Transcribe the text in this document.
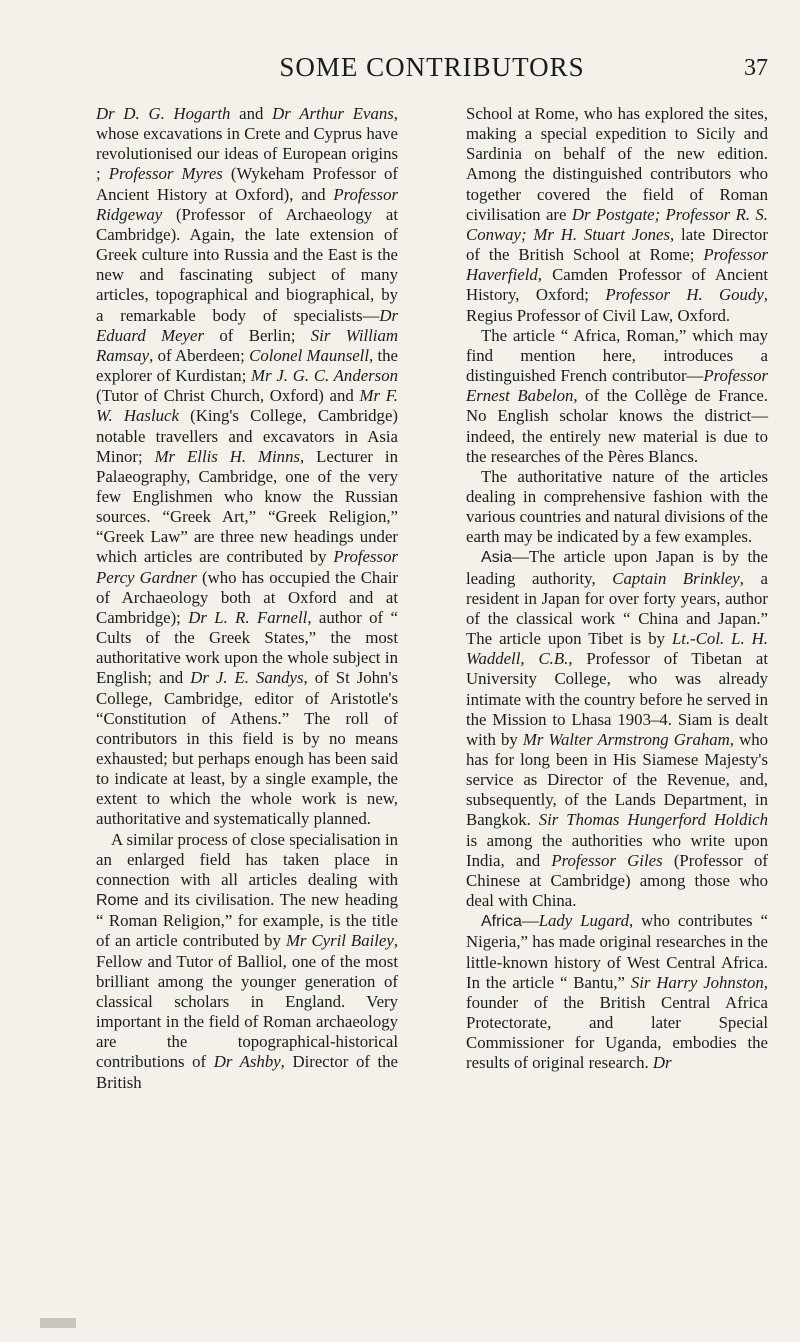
SOME CONTRIBUTORS	37

Dr D. G. Hogarth and Dr Arthur Evans, whose excavations in Crete and Cyprus have revolutionised our ideas of European origins ; Professor Myres (Wykeham Professor of Ancient History at Oxford), and Professor Ridgeway (Professor of Archaeology at Cambridge). Again, the late extension of Greek culture into Russia and the East is the new and fascinating subject of many articles, topographical and biographical, by a remarkable body of specialists—Dr Eduard Meyer of Berlin; Sir William Ramsay, of Aberdeen; Colonel Maunsell, the explorer of Kurdistan; Mr J. G. C. Anderson (Tutor of Christ Church, Oxford) and Mr F. W. Hasluck (King's College, Cambridge) notable travellers and excavators in Asia Minor; Mr Ellis H. Minns, Lecturer in Palaeography, Cambridge, one of the very few Englishmen who know the Russian sources. “Greek Art,” “Greek Religion,” “Greek Law” are three new headings under which articles are contributed by Professor Percy Gardner (who has occupied the Chair of Archaeology both at Oxford and at Cambridge); Dr L. R. Farnell, author of “ Cults of the Greek States,” the most authoritative work upon the whole subject in English; and Dr J. E. Sandys, of St John's College, Cambridge, editor of Aristotle's “Constitution of Athens.” The roll of contributors in this field is by no means exhausted; but perhaps enough has been said to indicate at least, by a single example, the extent to which the whole work is new, authoritative and systematically planned.

A similar process of close specialisation in an enlarged field has taken place in connection with all articles dealing with Rome and its civilisation. The new heading “ Roman Religion,” for example, is the title of an article contributed by Mr Cyril Bailey, Fellow and Tutor of Balliol, one of the most brilliant among the younger generation of classical scholars in England. Very important in the field of Roman archaeology are the topographical-historical contributions of Dr Ashby, Director of the British

School at Rome, who has explored the sites, making a special expedition to Sicily and Sardinia on behalf of the new edition. Among the distinguished contributors who together covered the field of Roman civilisation are Dr Postgate; Professor R. S. Conway; Mr H. Stuart Jones, late Director of the British School at Rome; Professor Haverfield, Camden Professor of Ancient History, Oxford; Professor H. Goudy, Regius Professor of Civil Law, Oxford.

The article “ Africa, Roman,” which may find mention here, introduces a distinguished French contributor—Professor Ernest Babelon, of the Collège de France. No English scholar knows the district—indeed, the entirely new material is due to the researches of the Pères Blancs.

The authoritative nature of the articles dealing in comprehensive fashion with the various countries and natural divisions of the earth may be indicated by a few examples.

Asia—The article upon Japan is by the leading authority, Captain Brinkley, a resident in Japan for over forty years, author of the classical work “ China and Japan.” The article upon Tibet is by Lt.-Col. L. H. Waddell, C.B., Professor of Tibetan at University College, who was already intimate with the country before he served in the Mission to Lhasa 1903–4. Siam is dealt with by Mr Walter Armstrong Graham, who has for long been in His Siamese Majesty's service as Director of the Revenue, and, subsequently, of the Lands Department, in Bangkok. Sir Thomas Hungerford Holdich is among the authorities who write upon India, and Professor Giles (Professor of Chinese at Cambridge) among those who deal with China.

Africa—Lady Lugard, who contributes “ Nigeria,” has made original researches in the little-known history of West Central Africa. In the article “ Bantu,” Sir Harry Johnston, founder of the British Central Africa Protectorate, and later Special Commissioner for Uganda, embodies the results of original research. Dr
